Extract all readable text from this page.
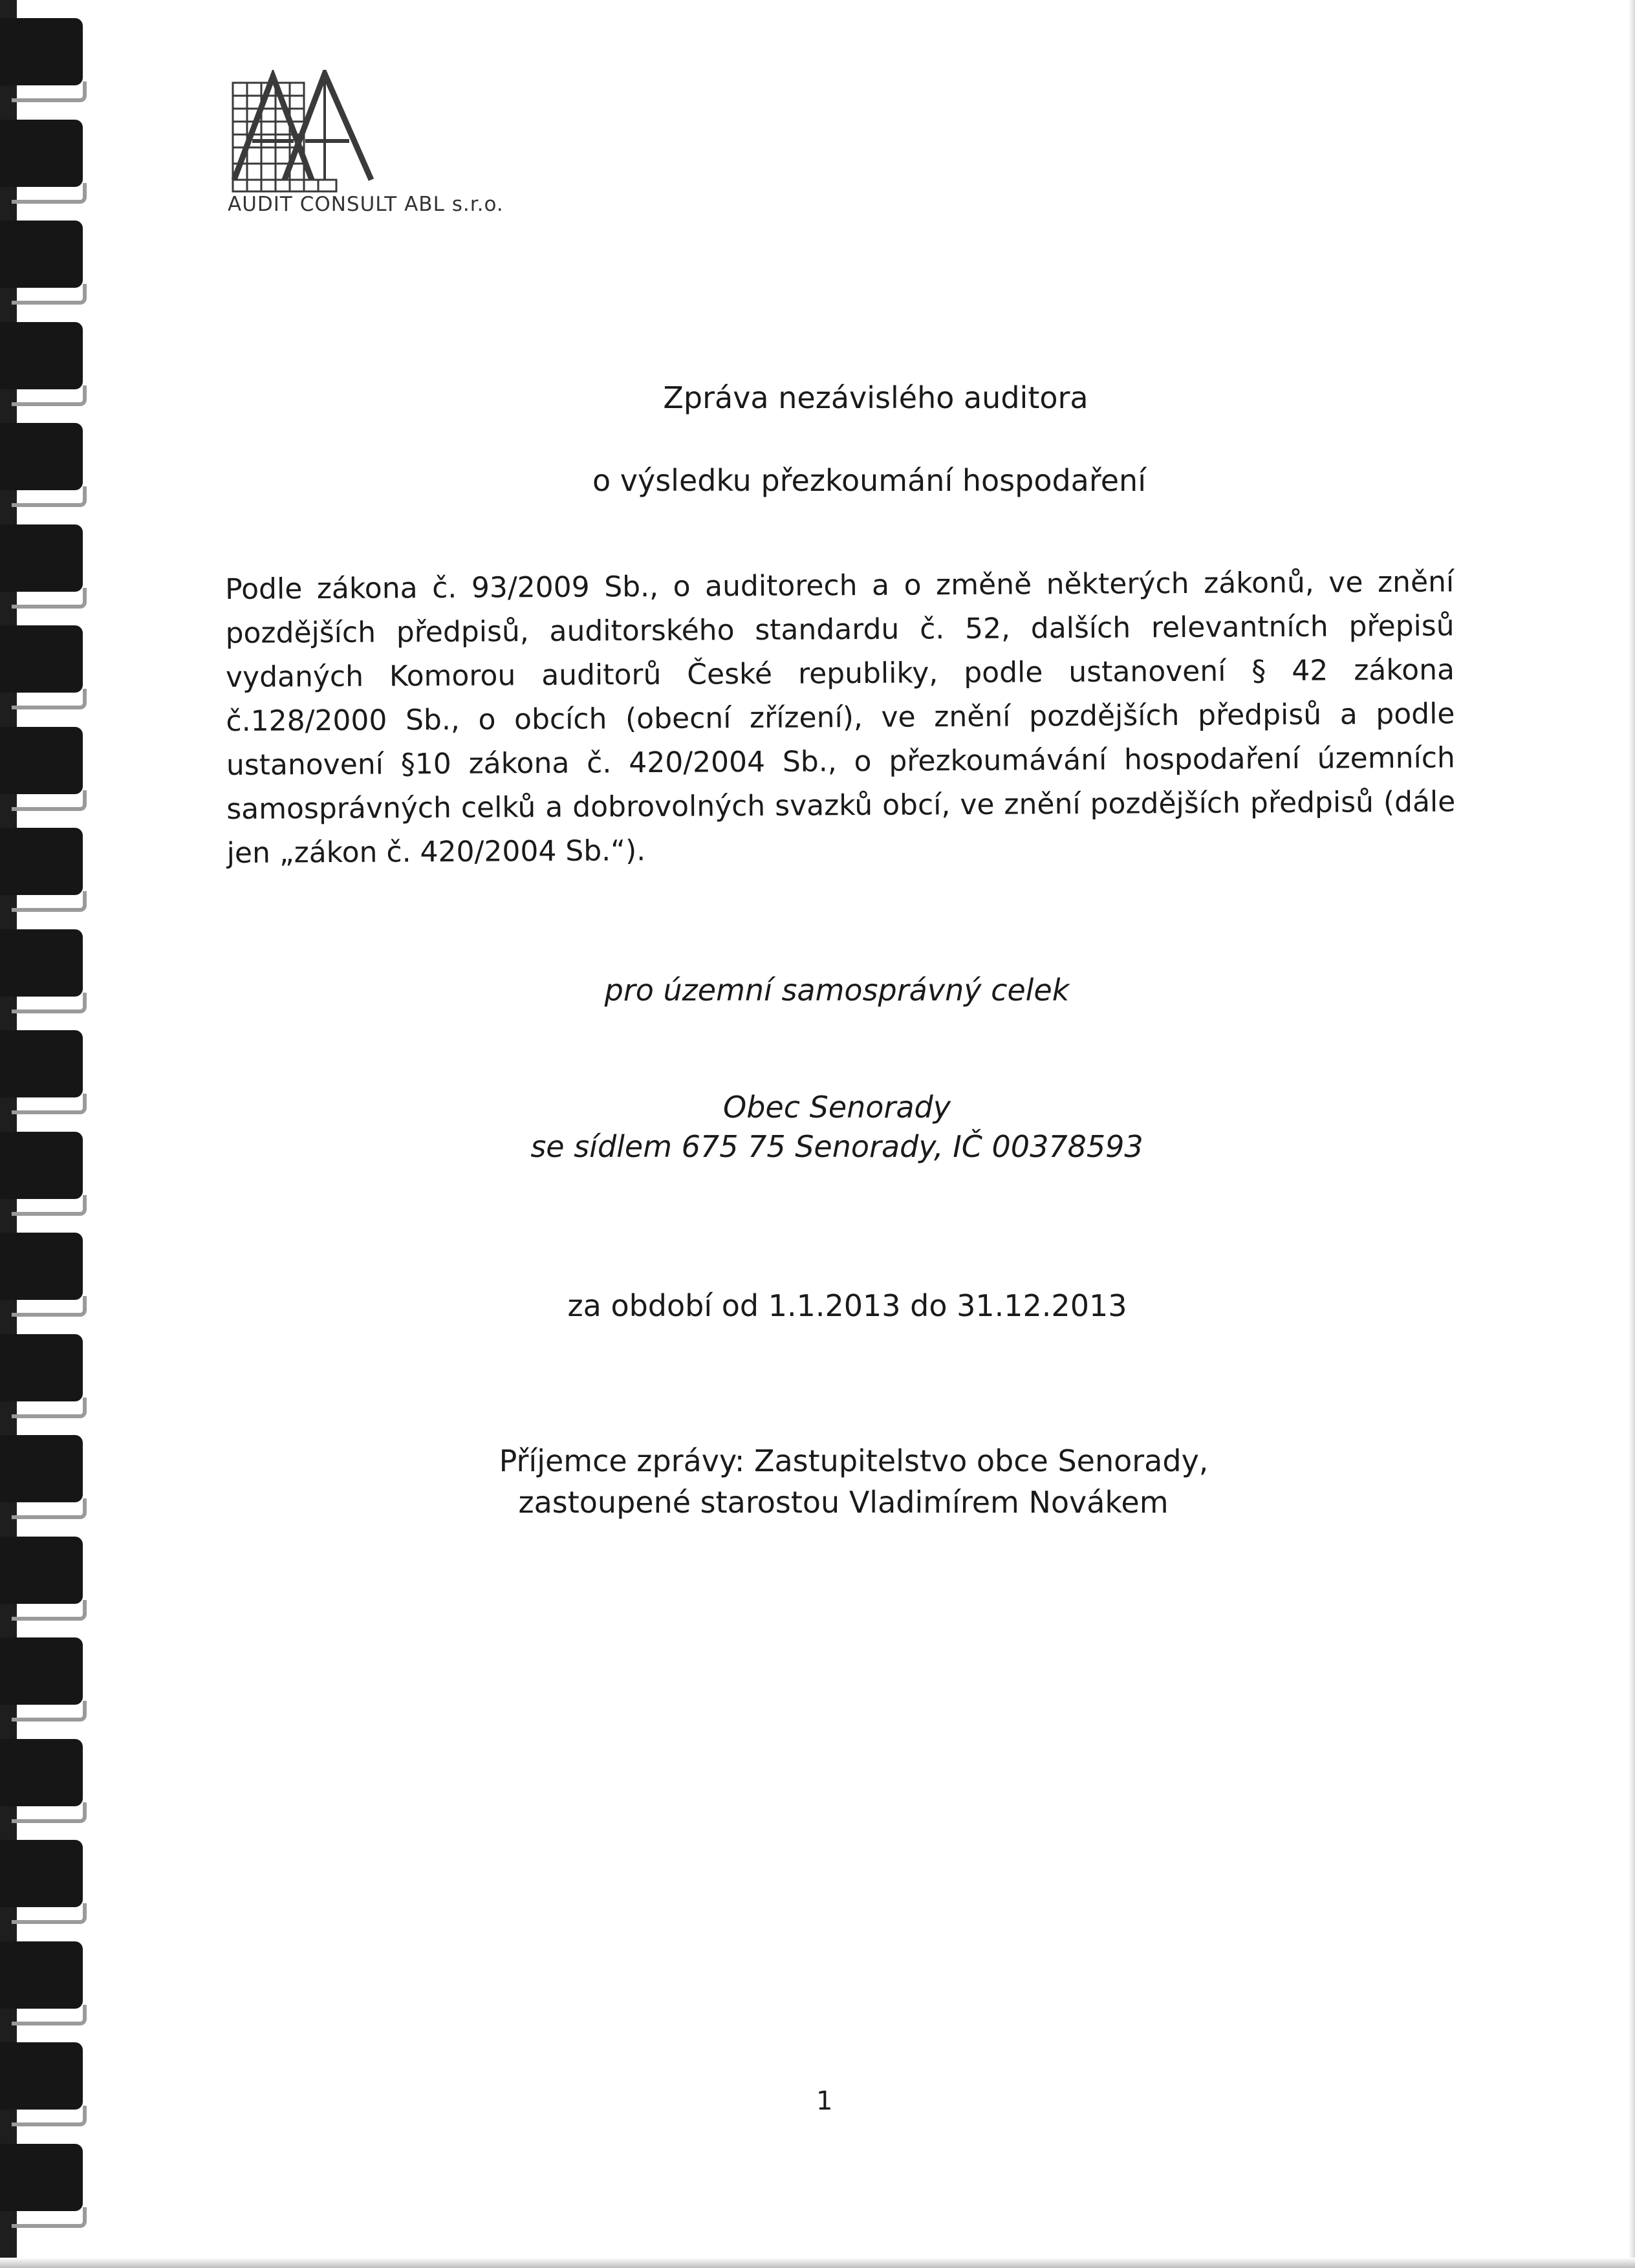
AUDIT CONSULT ABL s.r.o.
Zpráva nezávislého auditora
o výsledku přezkoumání hospodaření
Podle zákona č. 93/2009 Sb., o auditorech a o změně některých zákonů, ve znění pozdějších předpisů, auditorského standardu č. 52, dalších relevantních přepisů vydaných Komorou auditorů České republiky, podle ustanovení § 42 zákona č.128/2000 Sb., o obcích (obecní zřízení), ve znění pozdějších předpisů a podle ustanovení §10 zákona č. 420/2004 Sb., o přezkoumávání hospodaření územních samosprávných celků a dobrovolných svazků obcí, ve znění pozdějších předpisů (dále jen „zákon č. 420/2004 Sb.“).
pro územní samosprávný celek
Obec Senorady
se sídlem 675 75 Senorady, IČ 00378593
za období od 1.1.2013 do 31.12.2013
Příjemce zprávy: Zastupitelstvo obce Senorady,
zastoupené starostou Vladimírem Novákem
1
